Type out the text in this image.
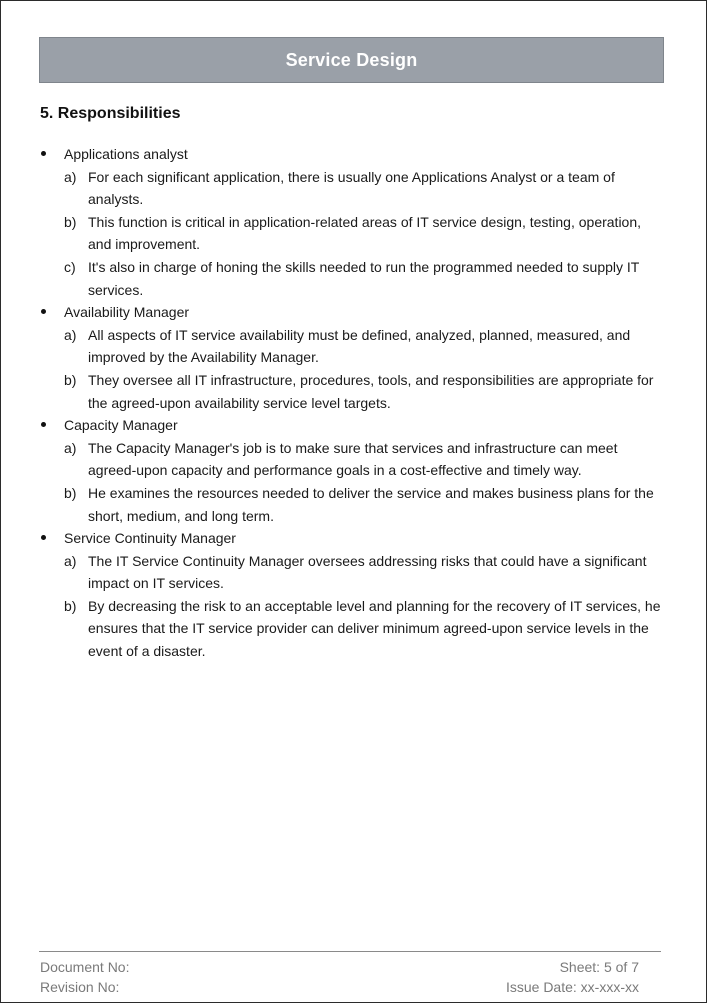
Service Design
5. Responsibilities
Applications analyst
a) For each significant application, there is usually one Applications Analyst or a team of analysts.
b) This function is critical in application-related areas of IT service design, testing, operation, and improvement.
c) It's also in charge of honing the skills needed to run the programmed needed to supply IT services.
Availability Manager
a) All aspects of IT service availability must be defined, analyzed, planned, measured, and improved by the Availability Manager.
b) They oversee all IT infrastructure, procedures, tools, and responsibilities are appropriate for the agreed-upon availability service level targets.
Capacity Manager
a) The Capacity Manager's job is to make sure that services and infrastructure can meet agreed-upon capacity and performance goals in a cost-effective and timely way.
b) He examines the resources needed to deliver the service and makes business plans for the short, medium, and long term.
Service Continuity Manager
a) The IT Service Continuity Manager oversees addressing risks that could have a significant impact on IT services.
b) By decreasing the risk to an acceptable level and planning for the recovery of IT services, he ensures that the IT service provider can deliver minimum agreed-upon service levels in the event of a disaster.
Document No:
Revision No:
Sheet: 5 of 7
Issue Date: xx-xxx-xx
